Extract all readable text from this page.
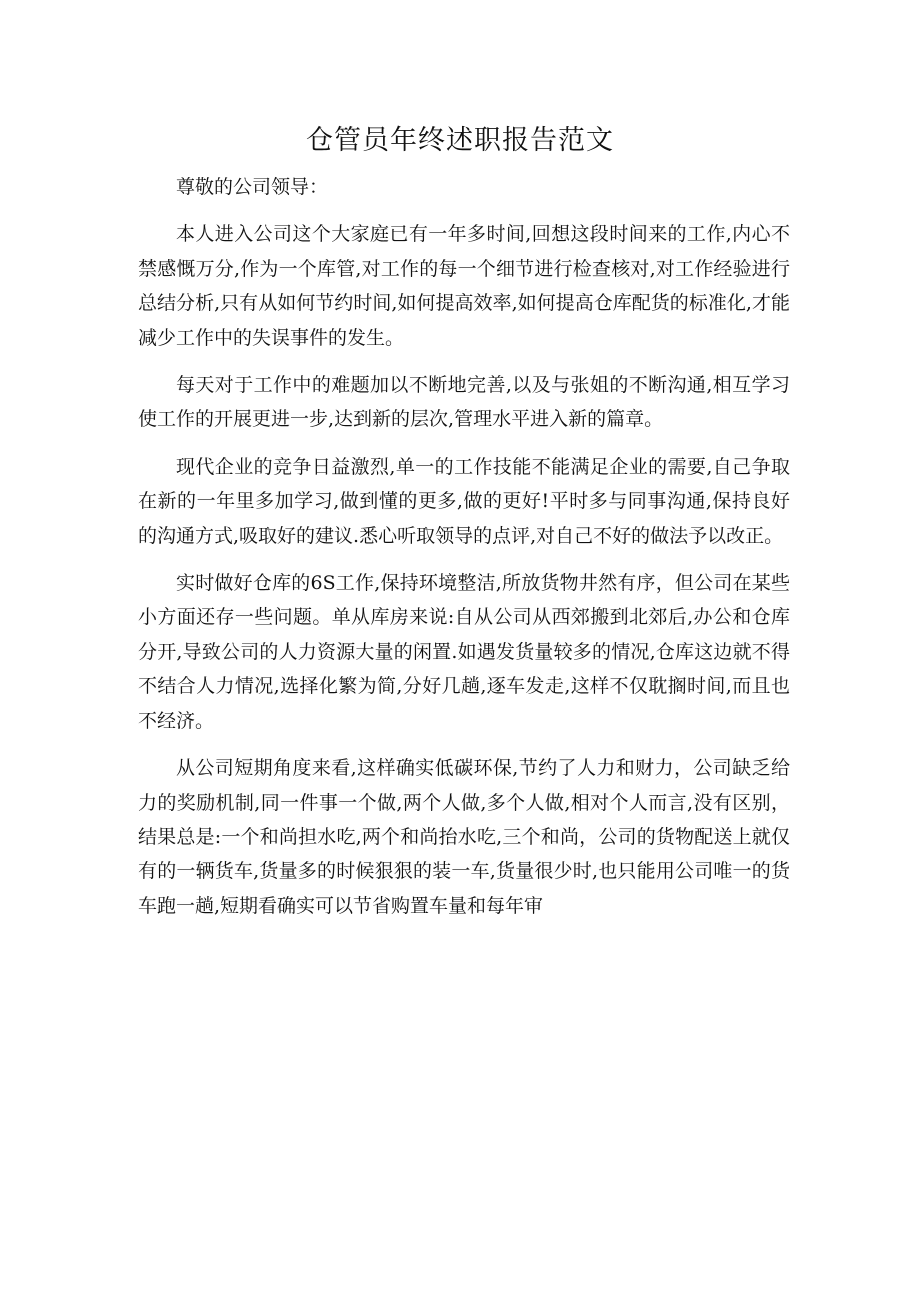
仓管员年终述职报告范文

尊敬的公司领导：

本人进入公司这个大家庭已有一年多时间,回想这段时间来的工作,内心不禁感慨万分,作为一个库管,对工作的每一个细节进行检查核对,对工作经验进行总结分析,只有从如何节约时间,如何提高效率,如何提高仓库配货的标准化,才能减少工作中的失误事件的发生。

每天对于工作中的难题加以不断地完善,以及与张姐的不断沟通,相互学习使工作的开展更进一步,达到新的层次,管理水平进入新的篇章。

现代企业的竞争日益激烈,单一的工作技能不能满足企业的需要,自己争取在新的一年里多加学习,做到懂的更多,做的更好!平时多与同事沟通,保持良好的沟通方式,吸取好的建议.悉心听取领导的点评,对自己不好的做法予以改正。

实时做好仓库的6S工作,保持环境整洁,所放货物井然有序，但公司在某些小方面还存一些问题。单从库房来说:自从公司从西郊搬到北郊后,办公和仓库分开,导致公司的人力资源大量的闲置.如遇发货量较多的情况,仓库这边就不得不结合人力情况,选择化繁为简,分好几趟,逐车发走,这样不仅耽搁时间,而且也不经济。

从公司短期角度来看,这样确实低碳环保,节约了人力和财力，公司缺乏给力的奖励机制,同一件事一个做,两个人做,多个人做,相对个人而言,没有区别，结果总是:一个和尚担水吃,两个和尚抬水吃,三个和尚，公司的货物配送上就仅有的一辆货车,货量多的时候狠狠的装一车,货量很少时,也只能用公司唯一的货车跑一趟,短期看确实可以节省购置车量和每年审
